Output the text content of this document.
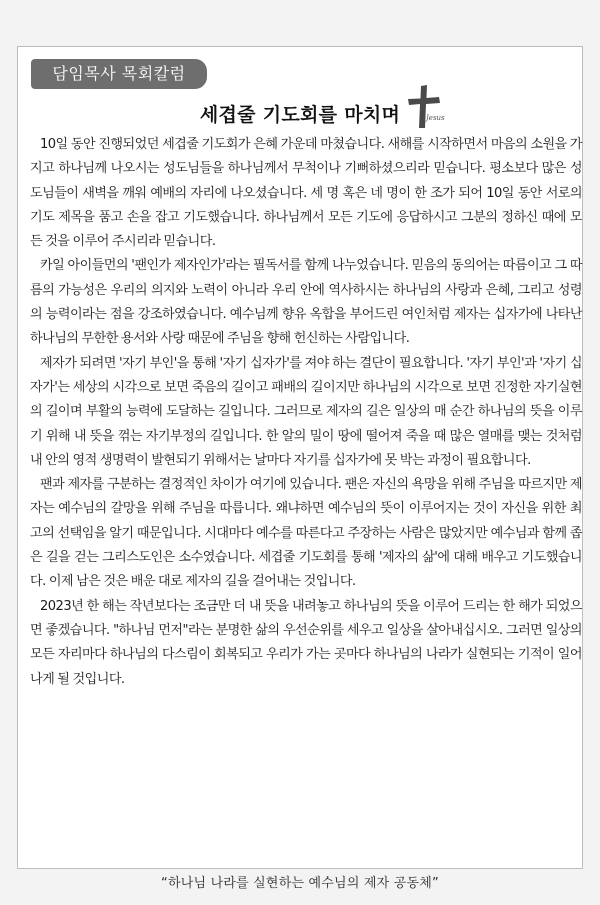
담임목사 목회칼럼
세겹줄 기도회를 마치며	Jesus

10일 동안 진행되었던 세겹줄 기도회가 은혜 가운데 마쳤습니다. 새해를 시작하면서 마음의 소원을 가지고 하나님께 나오시는 성도님들을 하나님께서 무척이나 기뻐하셨으리라 믿습니다. 평소보다 많은 성도님들이 새벽을 깨워 예배의 자리에 나오셨습니다. 세 명 혹은 네 명이 한 조가 되어 10일 동안 서로의 기도 제목을 품고 손을 잡고 기도했습니다. 하나님께서 모든 기도에 응답하시고 그분의 정하신 때에 모든 것을 이루어 주시리라 믿습니다.

카일 아이들먼의 '팬인가 제자인가'라는 필독서를 함께 나누었습니다. 믿음의 동의어는 따름이고 그 따름의 가능성은 우리의 의지와 노력이 아니라 우리 안에 역사하시는 하나님의 사랑과 은혜, 그리고 성령의 능력이라는 점을 강조하였습니다. 예수님께 향유 옥합을 부어드린 여인처럼 제자는 십자가에 나타난 하나님의 무한한 용서와 사랑 때문에 주님을 향해 헌신하는 사람입니다.

제자가 되려면 '자기 부인'을 통해 '자기 십자가'를 져야 하는 결단이 필요합니다. '자기 부인'과 '자기 십자가'는 세상의 시각으로 보면 죽음의 길이고 패배의 길이지만 하나님의 시각으로 보면 진정한 자기실현의 길이며 부활의 능력에 도달하는 길입니다. 그러므로 제자의 길은 일상의 매 순간 하나님의 뜻을 이루기 위해 내 뜻을 꺾는 자기부정의 길입니다. 한 알의 밀이 땅에 떨어져 죽을 때 많은 열매를 맺는 것처럼 내 안의 영적 생명력이 발현되기 위해서는 날마다 자기를 십자가에 못 박는 과정이 필요합니다.

팬과 제자를 구분하는 결정적인 차이가 여기에 있습니다. 팬은 자신의 욕망을 위해 주님을 따르지만 제자는 예수님의 갈망을 위해 주님을 따릅니다. 왜냐하면 예수님의 뜻이 이루어지는 것이 자신을 위한 최고의 선택임을 알기 때문입니다. 시대마다 예수를 따른다고 주장하는 사람은 많았지만 예수님과 함께 좁은 길을 걷는 그리스도인은 소수였습니다. 세겹줄 기도회를 통해 '제자의 삶'에 대해 배우고 기도했습니다. 이제 남은 것은 배운 대로 제자의 길을 걸어내는 것입니다.

2023년 한 해는 작년보다는 조금만 더 내 뜻을 내려놓고 하나님의 뜻을 이루어 드리는 한 해가 되었으면 좋겠습니다. "하나님 먼저"라는 분명한 삶의 우선순위를 세우고 일상을 살아내십시오. 그러면 일상의 모든 자리마다 하나님의 다스림이 회복되고 우리가 가는 곳마다 하나님의 나라가 실현되는 기적이 일어나게 될 것입니다.

“하나님 나라를 실현하는 예수님의 제자 공동체”
